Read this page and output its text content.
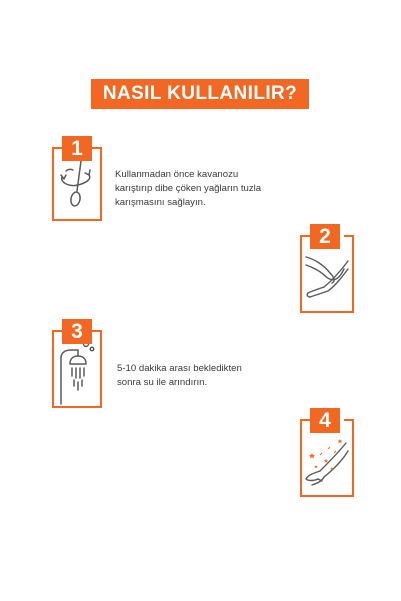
NASIL KULLANILIR?
1
Kullanmadan önce kavanozu
karıştırıp dibe çöken yağların tuzla
karışmasını sağlayın.
2
3
5-10 dakika arası bekledikten
sonra su ile arındırın.
4
